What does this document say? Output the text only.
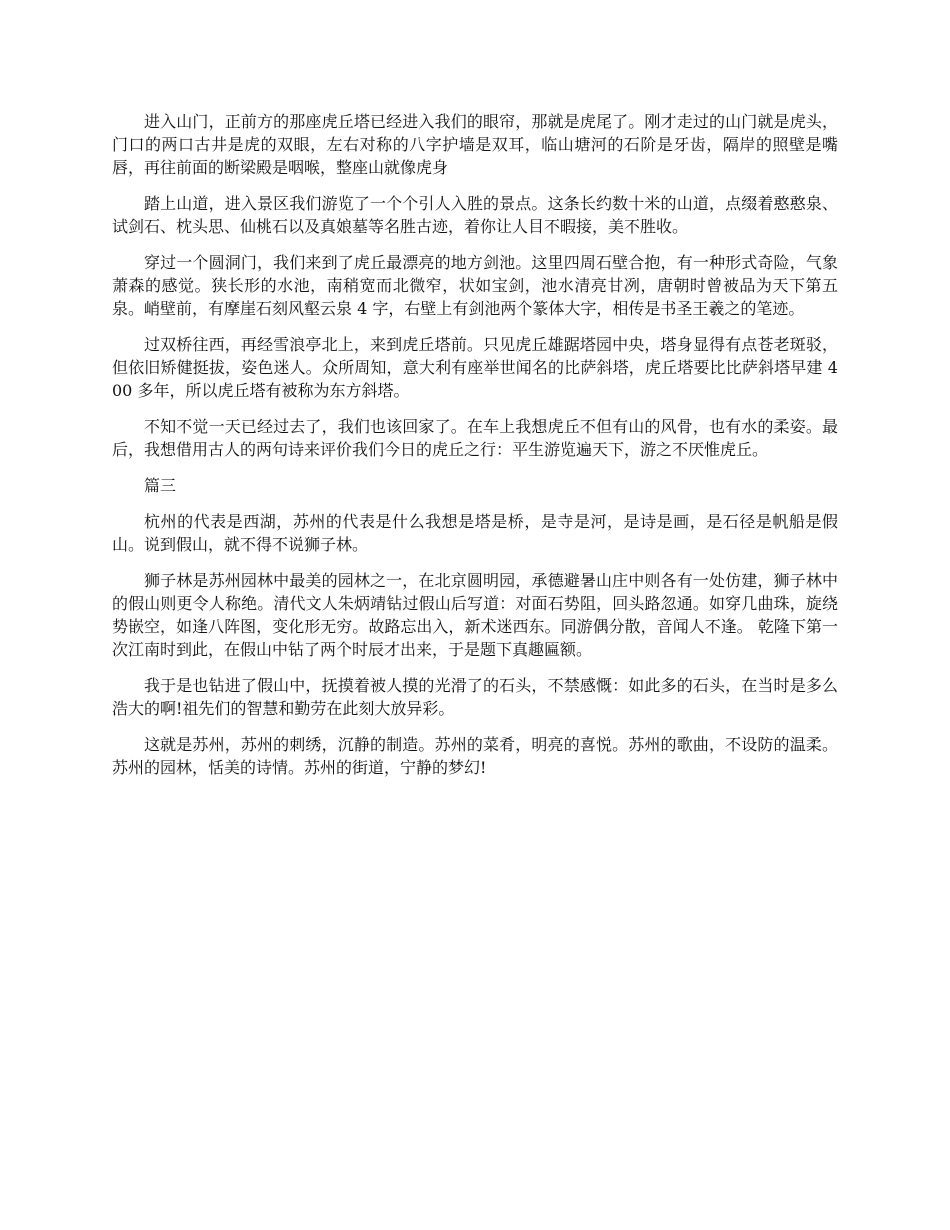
进入山门，正前方的那座虎丘塔已经进入我们的眼帘，那就是虎尾了。刚才走过的山门就是虎头，门口的两口古井是虎的双眼，左右对称的八字护墙是双耳，临山塘河的石阶是牙齿，隔岸的照壁是嘴唇，再往前面的断梁殿是咽喉，整座山就像虎身

踏上山道，进入景区我们游览了一个个引人入胜的景点。这条长约数十米的山道，点缀着憨憨泉、试剑石、枕头思、仙桃石以及真娘墓等名胜古迹，着你让人目不暇接，美不胜收。

穿过一个圆洞门，我们来到了虎丘最漂亮的地方剑池。这里四周石壁合抱，有一种形式奇险，气象萧森的感觉。狭长形的水池，南稍宽而北微窄，状如宝剑，池水清亮甘冽，唐朝时曾被品为天下第五泉。峭壁前，有摩崖石刻风壑云泉 4 字，右壁上有剑池两个篆体大字，相传是书圣王羲之的笔迹。

过双桥往西，再经雪浪亭北上，来到虎丘塔前。只见虎丘雄踞塔园中央，塔身显得有点苍老斑驳，但依旧矫健挺拔，姿色迷人。众所周知，意大利有座举世闻名的比萨斜塔，虎丘塔要比比萨斜塔早建 400 多年，所以虎丘塔有被称为东方斜塔。

不知不觉一天已经过去了，我们也该回家了。在车上我想虎丘不但有山的风骨，也有水的柔姿。最后，我想借用古人的两句诗来评价我们今日的虎丘之行：平生游览遍天下，游之不厌惟虎丘。

篇三

杭州的代表是西湖，苏州的代表是什么我想是塔是桥，是寺是河，是诗是画，是石径是帆船是假山。说到假山，就不得不说狮子林。

狮子林是苏州园林中最美的园林之一，在北京圆明园，承德避暑山庄中则各有一处仿建，狮子林中的假山则更令人称绝。清代文人朱炳靖钻过假山后写道：对面石势阻，回头路忽通。如穿几曲珠，旋绕势嵌空，如逢八阵图，变化形无穷。故路忘出入，新术迷西东。同游偶分散，音闻人不逢。 乾隆下第一次江南时到此，在假山中钻了两个时辰才出来，于是题下真趣匾额。

我于是也钻进了假山中，抚摸着被人摸的光滑了的石头，不禁感慨：如此多的石头，在当时是多么浩大的啊!祖先们的智慧和勤劳在此刻大放异彩。

这就是苏州，苏州的刺绣，沉静的制造。苏州的菜肴，明亮的喜悦。苏州的歌曲，不设防的温柔。苏州的园林，恬美的诗情。苏州的街道，宁静的梦幻!
